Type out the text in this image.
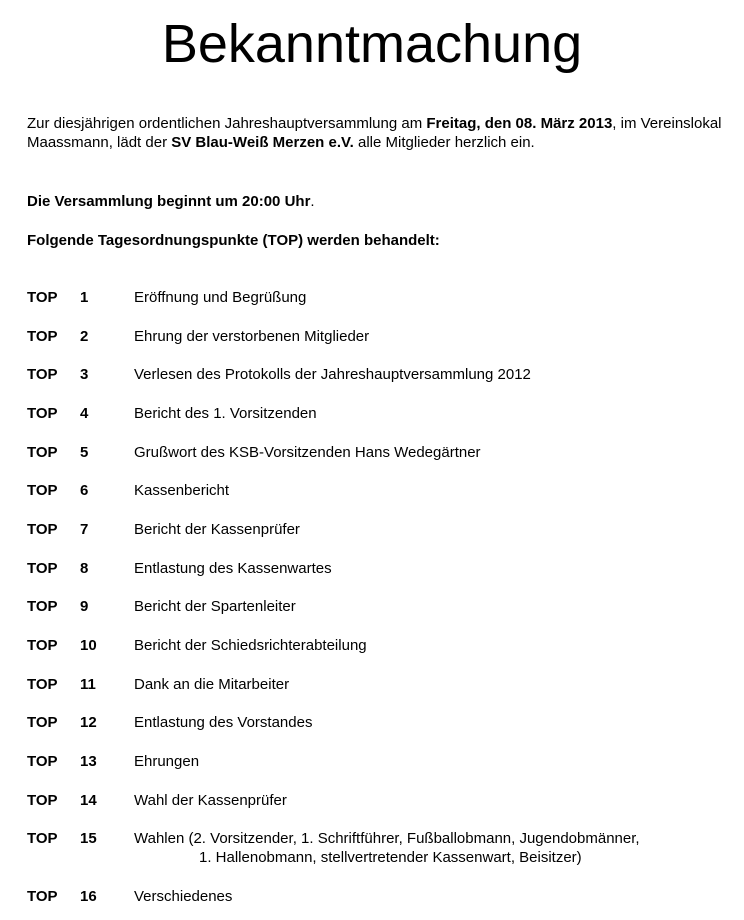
Bekanntmachung

Zur diesjährigen ordentlichen Jahreshauptversammlung am Freitag, den 08. März 2013, im Vereinslokal Maassmann, lädt der SV Blau-Weiß Merzen e.V. alle Mitglieder herzlich ein.

Die Versammlung beginnt um 20:00 Uhr.

Folgende Tagesordnungspunkte (TOP) werden behandelt:

TOP 1	Eröffnung und Begrüßung
TOP 2	Ehrung der verstorbenen Mitglieder
TOP 3	Verlesen des Protokolls der Jahreshauptversammlung 2012
TOP 4	Bericht des 1. Vorsitzenden
TOP 5	Grußwort des KSB-Vorsitzenden Hans Wedegärtner
TOP 6	Kassenbericht
TOP 7	Bericht der Kassenprüfer
TOP 8	Entlastung des Kassenwartes
TOP 9	Bericht der Spartenleiter
TOP 10 Bericht der Schiedsrichterabteilung
TOP 11	Dank an die Mitarbeiter
TOP 12 Entlastung des Vorstandes
TOP 13 Ehrungen
TOP 14 Wahl der Kassenprüfer
TOP 15 Wahlen (2. Vorsitzender, 1. Schriftführer, Fußballobmann, Jugendobmänner,
1. Hallenobmann, stellvertretender Kassenwart, Beisitzer)
TOP 16 Verschiedenes
